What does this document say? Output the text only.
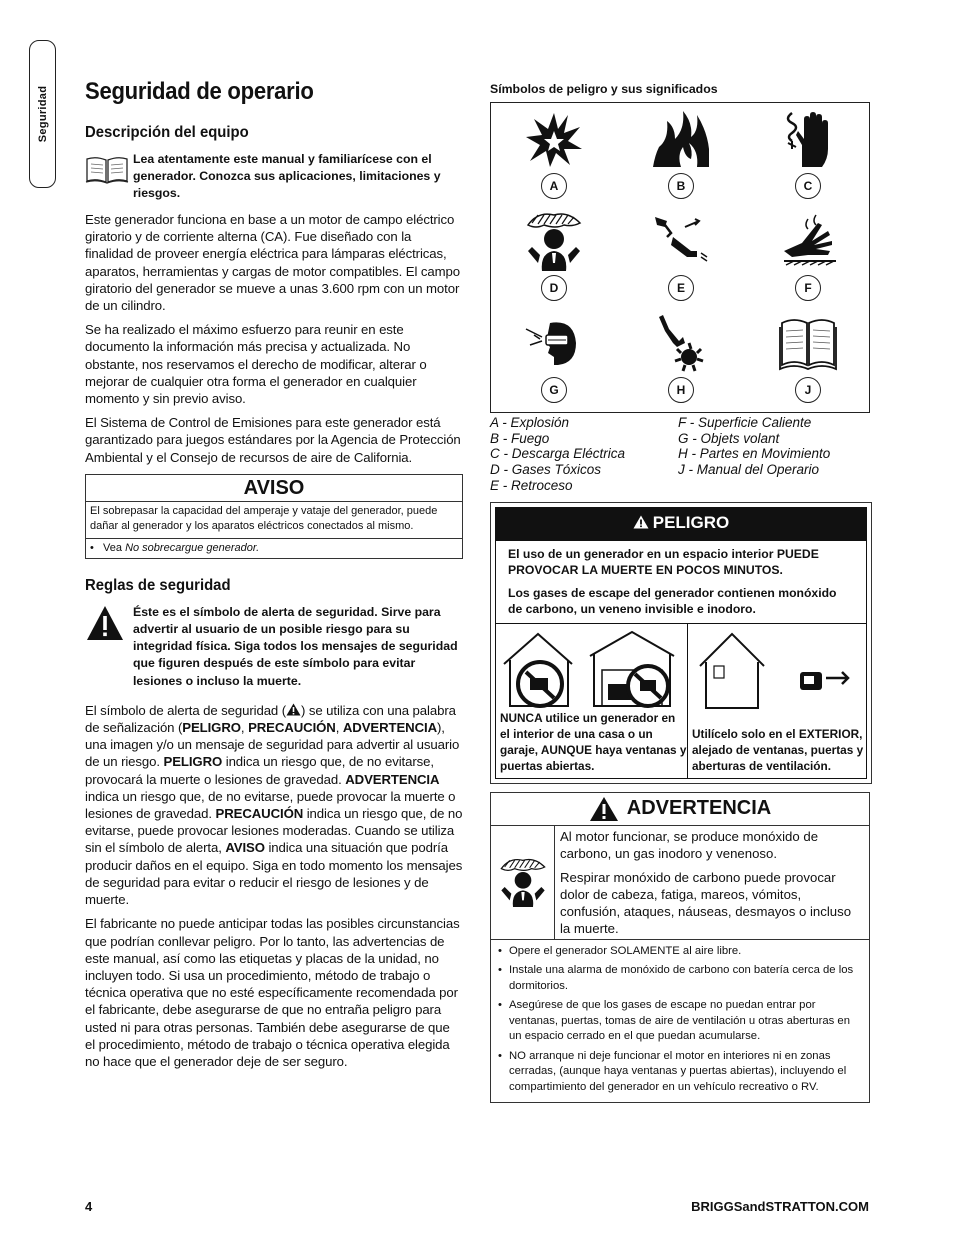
Seguridad Seguridad de operario
Descripción del equipo
Lea atentamente este manual y familiarícese con el generador. Conozca sus aplicaciones, limitaciones y riesgos.

Este generador funciona en base a un motor de campo eléctrico giratorio y de corriente alterna (CA). Fue diseñado con la finalidad de proveer energía eléctrica para lámparas eléctricas, aparatos, herramientas y cargas de motor compatibles. El campo giratorio del generador se mueve a unas 3.600 rpm con un motor de un cilindro.

Se ha realizado el máximo esfuerzo para reunir en este documento la información más precisa y actualizada. No obstante, nos reservamos el derecho de modificar, alterar o mejorar de cualquier otra forma el generador en cualquier momento y sin previo aviso.

El Sistema de Control de Emisiones para este generador está garantizado para juegos estándares por la Agencia de Protección Ambiental y el Consejo de recursos de aire de California.

AVISO
El sobrepasar la capacidad del amperaje y vataje del generador, puede dañar al generador y los aparatos eléctricos conectados al mismo.
•   Vea No sobrecargue generador.
Reglas de seguridad
Éste es el símbolo de alerta de seguridad. Sirve para advertir al usuario de un posible riesgo para su integridad física. Siga todos los mensajes de seguridad que figuren después de este símbolo para evitar lesiones o incluso la muerte.

El símbolo de alerta de seguridad ( ) se utiliza con una palabra de señalización (PELIGRO, PRECAUCIÓN, ADVERTENCIA), una imagen y/o un mensaje de seguridad para advertir al usuario de un riesgo. PELIGRO indica un riesgo que, de no evitarse, provocará la muerte o lesiones de gravedad. ADVERTENCIA indica un riesgo que, de no evitarse, puede provocar la muerte o lesiones de gravedad. PRECAUCIÓN indica un riesgo que, de no evitarse, puede provocar lesiones moderadas. Cuando se utiliza sin el símbolo de alerta, AVISO indica una situación que podría producir daños en el equipo. Siga en todo momento los mensajes de seguridad para evitar o reducir el riesgo de lesiones y de muerte.

El fabricante no puede anticipar todas las posibles circunstancias que podrían conllevar peligro. Por lo tanto, las advertencias de este manual, así como las etiquetas y placas de la unidad, no incluyen todo. Si usa un procedimiento, método de trabajo o técnica operativa que no esté específicamente recomendada por el fabricante, debe asegurarse de que no entraña peligro para usted ni para otras personas. También debe asegurarse de que el procedimiento, método de trabajo o técnica operativa elegida no hace que el generador deje de ser seguro.

Símbolos de peligro y sus significados
A	B	C
D	E	F
G	H	J
A - Explosión
B - Fuego
C - Descarga Eléctrica
D - Gases Tóxicos
E - Retroceso
F - Superficie Caliente
G - Objets volant
H - Partes en Movimiento
J - Manual del Operario
PELIGRO
El uso de un generador en un espacio interior PUEDE PROVOCAR LA MUERTE EN POCOS MINUTOS.
Los gases de escape del generador contienen monóxido de carbono, un veneno invisible e inodoro.
NUNCA utilice un generador en el interior de una casa o un garaje, AUNQUE haya ventanas y puertas abiertas.
Utilícelo solo en el EXTERIOR, alejado de ventanas, puertas y aberturas de ventilación.
ADVERTENCIA

Al motor funcionar, se produce monóxido de carbono, un gas inodoro y venenoso.

Respirar monóxido de carbono puede provocar dolor de cabeza, fatiga, mareos, vómitos, confusión, ataques, náuseas, desmayos o incluso la muerte.

• Opere el generador SOLAMENTE al aire libre.
• Instale una alarma de monóxido de carbono con batería cerca de los dormitorios.
• Asegúrese de que los gases de escape no puedan entrar por ventanas, puertas, tomas de aire de ventilación u otras aberturas en un espacio cerrado en el que puedan acumularse.
• NO arranque ni deje funcionar el motor en interiores ni en zonas cerradas, (aunque haya ventanas y puertas abiertas), incluyendo el compartimiento del generador en un vehículo recreativo o RV.
4	BRIGGSandSTRATTON.COM
